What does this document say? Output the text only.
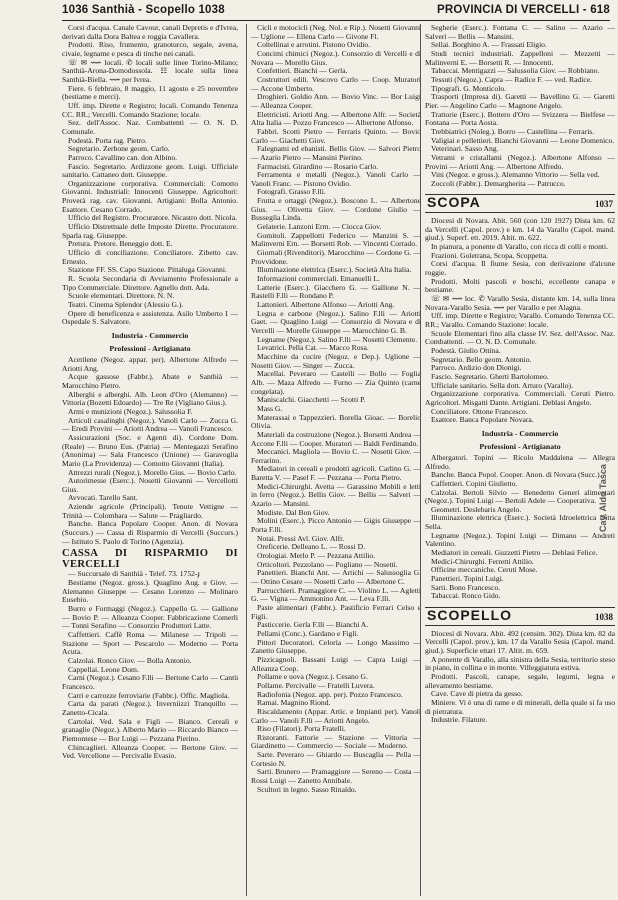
1036 Santhià - Scopello 1038	PROVINCIA DI VERCELLI - 618
Corsi d'acqua. Canale Cavour, canali Depretis e d'Ivrea, derivati dalla Dora Baltea e roggia Cavallera.
Prodotti. Riso, frumento, granoturco, segale, avena, civaie, legname e pesca di tinche nei canali.
☏ ✉ ⟿ locali. ✆ locali sulle linee Torino-Milano; Santhià-Arona-Domodossola. ☷ locale sulla linea Santhià-Biella. ⟿ per Ivrea.
Fiere. 6 febbraio, 8 maggio, 11 agosto e 25 novembre (bestiame e merci).
Uff. imp. Dirette e Registro; locali. Comando Tenenza CC. RR.; Vercelli. Comando Stazione; locale.
Sez. dell'Assoc. Naz. Combattenti — O. N. D. Comunale.
Podestà. Porta rag. Pietro.
Segretario. Zerbone geom. Carlo.
Parroco. Cavallino can. don Albino.
Fascio. Segretario. Ardizzone geom. Luigi. Ufficiale sanitario. Cattaneo dott. Giuseppe.
Organizzazione corporativa. Commerciali: Comotto Giovanni. Industriali: Innocenti Giuseppe. Agricoltori: Proverà rag. cav. Giovanni. Artigiani: Bolla Antonio. Esattore. Cesano Corrado.
Ufficio del Registro. Procuratore. Nicastro dott. Nicola.
Ufficio Distrettuale delle Imposte Dirette. Procuratore. Sparla rag. Giuseppe.
Pretura. Pretore. Beneggio dott. E.
Ufficio di conciliazione. Conciliatore. Zibetto cav. Ernesto.
Stazione FF. SS. Capo Stazione. Pittaluga Giovanni.
R. Scuola Secondaria di Avviamento Professionale a Tipo Commerciale. Direttore. Agnello dott. Ada.
Scuole elementari. Direttore. N. N.
Teatri. Cinema Splendor (Alessio G.).
Opere di beneficenza e assistenza. Asilo Umberto I — Ospedale S. Salvatore.
Industria - Commercio
Professioni - Artigianato
Acetilene (Negoz. appar. per). Albertone Alfredo — Ariotti Ang.
Acque gassose (Fabbr.). Abate e Santhià — Marocchino Pietro.
Alberghi e alberghi. Alb. Leon d'Oro (Alemanno) — Vittoria (Bozetti Edoardo) — Tre Re (Vigliano Gius.).
Armi e munizioni (Negoz.). Salussolia F.
Articoli casalinghi (Negoz.). Vanoli Carlo — Zucca G. — Eredi Provini — Ariotti Andrea — Vanoli Francesco.
Assicurazioni (Soc. e Agenti di). Cordone Dom. (Reale) — Bruno Eus. (Patria) — Mentegazzi Serafino (Anonima) — Sala Francesco (Unione) — Garavoglia Mario (La Providenza) — Comotto Giovanni (Italia).
Attrezzi rurali (Negoz.). Morello Gius. — Bovio Carlo.
Autorimesse (Eserc.). Nosetti Giovanni — Vercellotti Gius.
Avvocati. Tarello Sant.
Aziende agricole (Principali). Tenute Vettigne — Trinità — Colombara — Salute — Pragliardo.
Banche. Banca Popolare Cooper. Anon. di Novara (Succurs.) — Cassa di Risparmio di Vercelli (Succurs.) — Istituto S. Paolo di Torino (Agenzia).
CASSA DI RISPARMIO DI VERCELLI
— Succursale di Santhià - Telef. 73. 1752-ɟ
Bestiame (Negoz. gross.). Quaglino Aug. e Giov. — Alemanno Giuseppe — Cesano Lorenzo — Molinaro Eusebio.
Burro e Formaggi (Negoz.). Cappello G. — Gallione — Bovio P. — Alleanza Cooper. Fabbricazione Comerli — Tonni Serafino — Consorzio Produttori Latte.
Caffettieri. Caffè Roma — Milanese — Tripoli — Stazione — Sport — Pescarolo — Moderno — Porta Acuta.
Calzolai. Ronco Giov. — Bolla Antonio.
Cappellai. Leone Dom.
Carni (Negoz.). Cesano F.lli — Bertone Carlo — Cantù Francesco.
Carri e carrozze ferroviarie (Fabbr.). Offic. Magliola.
Carta da parati (Negoz.). Inverniizzi Tranquillo — Zanetto-Cicala.
Cartolai. Ved. Sala e Figli — Bianco. Cereali e granaglie (Negoz.). Alberto Mario — Riccardo Bianco — Piemontese — Bor Luigi — Pezzana Pierino.
Chincaglieri. Alleanza Cooper. — Bertone Giov. — Ved. Vercellone — Percivalle Evasio.
Cicli e motocicli (Neg. Nol. e Rip.). Nosetti Giovanni — Uglione — Ellena Carlo — Givone Fl.
Coltellinai e arrotini. Pistono Ovidio.
Concimi chimici (Negoz.). Consorzio di Vercelli e di Novara — Morello Gius.
Confettieri. Bianchi — Gerla.
Costruttori edili. Vescovo Carlo — Coop. Muratori — Accone Umberto.
Droghieri. Goldio Ann. — Bovio Vinc. — Bor Luigi — Alleanza Cooper.
Elettricisti. Ariotti Ang. — Albertone Alfr. — Società Alta Italia — Pozzo Francesco — Albertone Alfonso.
Fabbri. Scotti Pietro — Ferraris Quinto. — Bovio Carlo — Giachetti Giov.
Falegnami ed ebanisti. Bellis Giov. — Salvori Pietro — Azario Pietro — Mansini Pierino.
Farmacisti. Girardino — Rosario Carlo.
Ferramenta e metalli (Negoz.). Vanoli Carlo — Vanoli Franc. — Pistono Ovidio.
Fotografi. Grasso F.lli.
Frutta e ortaggi (Negoz.). Boscono L. — Albertone Gius. — Olivetta Giov. — Cordone Giulio — Busseglia Linda.
Gelaterie. Lanzoni Erm. — Ciocca Giov.
Gomitoli. Zappellotti Federico — Manzini S. — Malinverni Ern. — Borsetti Rob. — Vincenti Corrado.
Giornali (Rivenditori). Marocchino — Cordone G. — Provvidone.
Illuminazione elettrica (Eserc.). Società Alta Italia.
Informazioni commerciali. Emanuelli L.
Latterie (Eserc.). Giacchero G. — Gallione N. — Rastelli F.lli — Rondano P.
Lattonieri. Albertone Alfonso — Ariotti Ang.
Legna e carbone (Negoz.). Salino F.lli — Ariotti Gaet. — Quaglino Luigi — Consorzio di Novara e di Vercelli — Morelle Giuseppe — Marocchino G. B.
Legname (Negoz.). Salino F.lli — Nosetti Clemente.
Levatrici. Pella Cat. — Macco Rosa.
Macchine da cucire (Negoz. e Dep.). Uglione — Nosetti Giov. — Singer — Zucca.
Macellai. Peveraro — Castelli — Bollo — Foglia Alb. — Maza Alfredo — Furno — Zia Quinto (carne congelata).
Maniscalchi. Giacchetti — Scotti P.
Mass G.
Materassai e Tappezzieri. Borella Gioac. — Borelio Olivia.
Materiali da costruzione (Negoz.). Borsetti Andrea — Accone F.lli — Cooper. Muratori — Baldi Ferdinando.
Meccanici. Magliola — Bovio C. — Nosetti Giov. — Ferrarino.
Mediatori in cereali e prodotti agricoli. Carlino G. — Baretta V. — Pasel F. — Pezzana — Porta Pietro.
Medici-Chirurghi. Avetta — Garassino Mobili e letti in ferro (Negoz.). Bellis Giov. — Bellis — Salveri — Azario — Mansini.
Modiste. Dal Bon Giov.
Molini (Eserc.). Picco Antonio — Gigis Giuseppe — Porta F.lli.
Notai. Pressi Avl. Giov. Alfr.
Oreficerie. Delleano L. — Rossi D.
Orologiai. Merlo P. — Pezzana Attilio.
Orticoltori. Pezzolano — Pogliano — Nosetti.
Panettieri. Bianchi Ant. — Artichi — Salussoglia G. — Ottino Cesare — Nosetti Carlo — Albertone C.
Parrucchieri. Pramaggiore C. — Violino L. — Agletti G. — Vigna — Ammonino Ant. — Leva F.lli.
Paste alimentari (Fabbr.). Pastificio Ferrari Celso e Figli.
Pasticcerie. Gerla F.lli — Bianchi A.
Pellami (Conc.). Gardano e Figli.
Pittori Decoratori. Celoria — Longo Massimo — Zanetto Giuseppe.
Pizzicagnoli. Bassani Luigi — Capra Luigi — Alleanza Coop.
Pollame e uova (Negoz.). Cesano G.
Pollame. Percivalle — Fratelli Luvera.
Radiofonia (Negoz. app. per). Pozzo Francesco.
Ramai. Magnino Riond.
Riscaldamento (Appar. Artic. e Impianti per). Vanoli Carlo — Vanoli F.lli — Ariotti Angelo.
Riso (Filatori). Porta Fratelli.
Ristoranti. Fattorie — Stazione — Vittoria — Giardinetto — Commercio — Sociale — Moderno.
Sarte. Peveraro — Ghiardo — Buscaglia — Pella — Cortesio N.
Sarti. Brunero — Pramaggiore — Sereno — Costa — Rossi Luigi — Zanetto Annibale.
Scultori in legno. Sasso Rinaldo.
Segherie (Eserc.). Fontana C. — Salino — Azario — Salveri — Bellis — Mansini.
Sellai. Borghino A. — Frassati Eligio.
Studi tecnici industriali. Zappelloni — Mezzetti — Malinverni E. — Borsetti R. — Innocenti.
Tabaccai. Mentigazzi — Salussolia Giov. — Robbiano.
Tessuti (Negoz.). Capra — Radice F. — ved. Radice.
Tipografi. G. Monticolo.
Trasporti (Impresa di). Garetti — Bavellino G. — Garetti Pier. — Angelino Carlo — Magnone Angelo.
Trattorie (Eserc.). Bottero d'Oro — Svizzera — Bielfese — Fontana — Porta Aosta.
Trebbiatrici (Noleg.). Borro — Castellina — Ferraris.
Valigiai e pellettieri. Bianchi Giovanni — Leone Domenico.
Veterinari. Sasso Ang.
Vetrami e cristallami (Negoz.). Albertone Alfonso — Provini — Ariotti Ang. — Albertone Alfredo.
Vini (Negoz. e gross.). Alemanno Vittorio — Sella ved.
Zoccoli (Fabbr.). Demargherita — Patrucco.
SCOPA	1037
Diocesi di Novara. Abit. 560 (con 120 1927) Dista km. 62 da Vercelli (Capol. prov.) e km. 14 da Varallo (Capol. mand. giud.). Superf. ett. 2019. Altit. m. 622.
In pianura, a ponente di Varallo, con ricca di colli e monti.
Frazioni. Goletrana, Scopa, Scoppetta.
Corsi d'acqua. Il fiume Sesia, con derivazione d'alcune roggie.
Prodotti. Molti pascoli e boschi, eccellente canapa e bestiame.
☏ ✉ ⟿ loc. ✆ Varallo Sesia, distante km. 14, sulla linea Novara-Varallo Sesia. ⟿ per Varallo e per Alagna.
Uff. imp. Dirette e Registro; Varallo. Comando Tenenza CC. RR.; Varallo. Comando Stazione: locale.
Scuole Elementari fino alla classe IV. Sez. dell'Assoc. Naz. Combattenti. — O. N. D. Comunale.
Podestà. Giulio Ottina.
Segretario. Bello geom. Antonio.
Parroco. Ardizio don Dionigi.
Fascio. Segretario. Gherti Bartolomeo.
Ufficiale sanitario. Sella dott. Arturo (Varallo).
Organizzazione corporativa. Commerciali. Ceruti Pietro. Agricoltori. Misgatti Dante. Artigiani. Deblasi Angelo.
Conciliatore. Ottone Francesco.
Esattore. Banca Popolare Novara.
Industria - Commercio
Professioni - Artigianato
Albergatori. Topini — Ricolo Maddalena — Allegra Alfredo.
Banche. Banca Popol. Cooper. Anon. di Novara (Succ.).
Caffettieri. Copini Giulietto.
Calzolai. Bertoli Silvio — Benedetto Generi alimentari (Negoz.). Topini Luigi — Bertoli Adele — Cooperativa.
Geometri. Deslebaris Angelo.
Illuminazione elettrica (Eserc.). Società Idroelettrica Ditta Sella.
Legname (Negoz.). Topini Luigi — Dimano — Andreti Valentino.
Mediatori in cereali. Guzzetti Pietro — Deblasi Felice.
Medici-Chirurghi. Ferretti Attilio.
Officine meccaniche. Ceruti Mose.
Panettieri. Topini Luigi.
Sarti. Bono Francesco.
Tabaccai. Ronco Gido.
SCOPELLO	1038
Diocesi di Novara. Abit. 492 (censim. 302). Dista km. 82 da Vercelli (Capol. prov.), km. 17 da Varallo Sesia (Capol. mand. giud.). Superficie ettari 17. Altit. m. 659.
A ponente di Varallo, alla sinistra della Sesia, territorio steso in piano, in collina e in monte. Villeggiatura estiva.
Prodotti. Pascoli, canape, segale, legumi, legna e allevamento bestiame.
Cave. Cave di pietra da gesso.
Miniere. Vi è una di rame e di minerali, della quale si fa uso di pietratura.
Industrie. Filature.
Cav. Aldo Tasca
